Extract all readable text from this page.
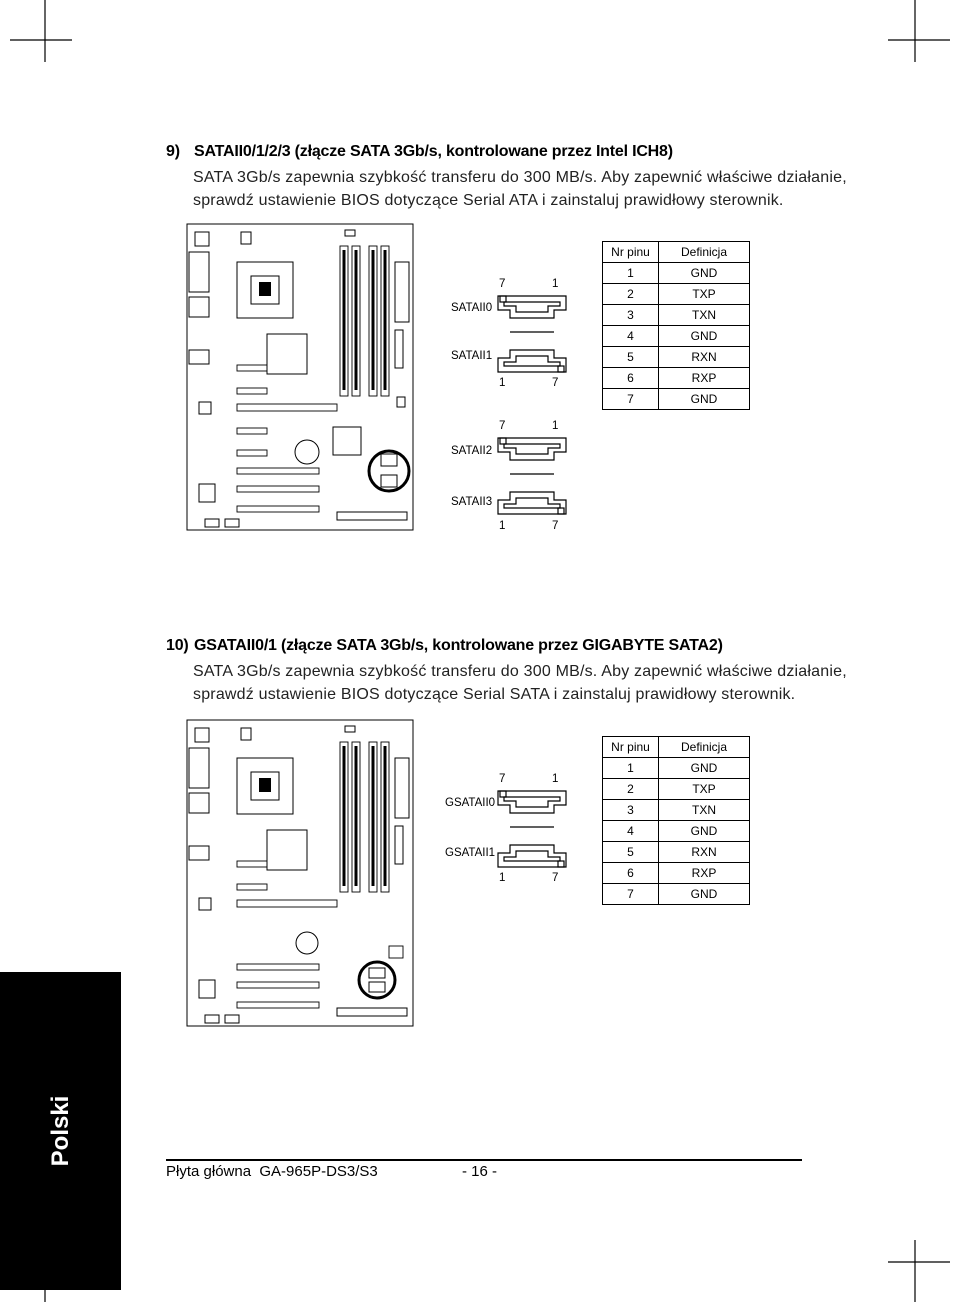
9) SATAII0/1/2/3 (złącze SATA 3Gb/s, kontrolowane przez Intel ICH8)
SATA 3Gb/s zapewnia szybkość transferu do 300 MB/s. Aby zapewnić właściwe działanie,
sprawdź ustawienie BIOS dotyczące Serial ATA i zainstaluj prawidłowy sterownik.
7	1
SATAII0
SATAII1
1	7
7	1
SATAII2
SATAII3
1	7
Nr pinu	Definicja
1	GND
2	TXP
3	TXN
4	GND
5	RXN
6	RXP
7	GND
10) GSATAII0/1 (złącze SATA 3Gb/s, kontrolowane przez GIGABYTE SATA2)
SATA 3Gb/s zapewnia szybkość transferu do 300 MB/s. Aby zapewnić właściwe działanie,
sprawdź ustawienie BIOS dotyczące Serial SATA i zainstaluj prawidłowy sterownik.
7	1
GSATAII0
GSATAII1
1	7
Nr pinu	Definicja
1	GND
2	TXP
3	TXN
4	GND
5	RXN
6	RXP
7	GND
Polski
Płyta główna  GA-965P-DS3/S3	- 16 -
